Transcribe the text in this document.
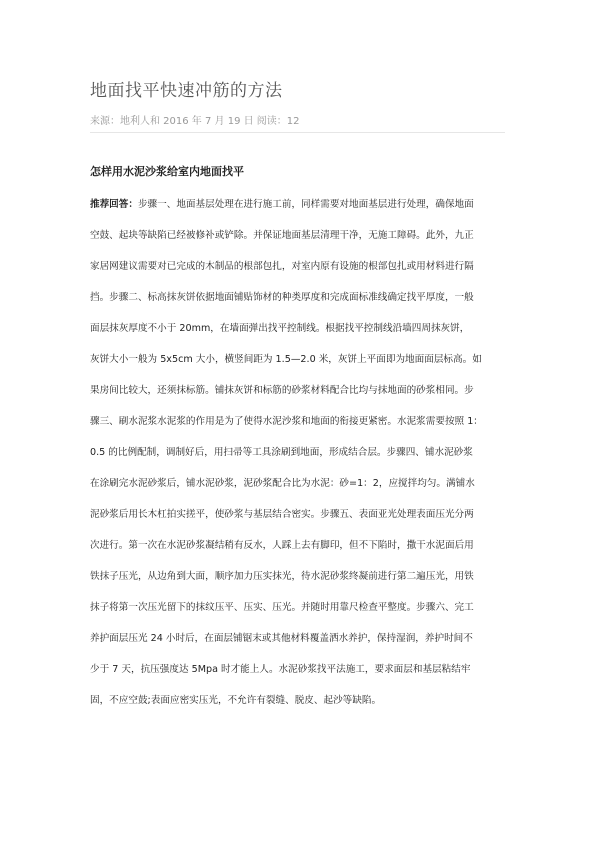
地面找平快速冲筋的方法
来源：地利人和 2016 年 7 月 19 日 阅读：12
怎样用水泥沙浆给室内地面找平
推荐回答：步骤一、地面基层处理在进行施工前，同样需要对地面基层进行处理，确保地面
空鼓、起块等缺陷已经被修补或铲除。并保证地面基层清理干净，无施工障碍。此外，九正
家居网建议需要对已完成的木制品的根部包扎，对室内原有设施的根部包扎或用材料进行隔
挡。步骤二、标高抹灰饼依据地面铺贴饰材的种类厚度和完成面标准线确定找平厚度，一般
面层抹灰厚度不小于 20mm，在墙面弹出找平控制线。根据找平控制线沿墙四周抹灰饼，
灰饼大小一般为 5x5cm 大小，横竖间距为 1.5—2.0 米，灰饼上平面即为地面面层标高。如
果房间比较大，还须抹标筋。铺抹灰饼和标筋的砂浆材料配合比均与抹地面的砂浆相同。步
骤三、刷水泥浆水泥浆的作用是为了使得水泥沙浆和地面的衔接更紧密。水泥浆需要按照 1：
0.5 的比例配制，调制好后，用扫帚等工具涂刷到地面，形成结合层。步骤四、铺水泥砂浆
在涂刷完水泥砂浆后，铺水泥砂浆，泥砂浆配合比为水泥：砂=1：2，应搅拌均匀。满铺水
泥砂浆后用长木杠拍实搓平，使砂浆与基层结合密实。步骤五、表面亚光处理表面压光分两
次进行。第一次在水泥砂浆凝结稍有反水，人踩上去有脚印，但不下陷时，撒干水泥面后用
铁抹子压光，从边角到大面，顺序加力压实抹光，待水泥砂浆终凝前进行第二遍压光，用铁
抹子将第一次压光留下的抹纹压平、压实、压光。并随时用靠尺检查平整度。步骤六、完工
养护面层压光 24 小时后，在面层铺锯末或其他材料覆盖洒水养护，保持湿润，养护时间不
少于 7 天，抗压强度达 5Mpa 时才能上人。水泥砂浆找平法施工，要求面层和基层粘结牢
固，不应空鼓;表面应密实压光，不允许有裂缝、脱皮、起沙等缺陷。
